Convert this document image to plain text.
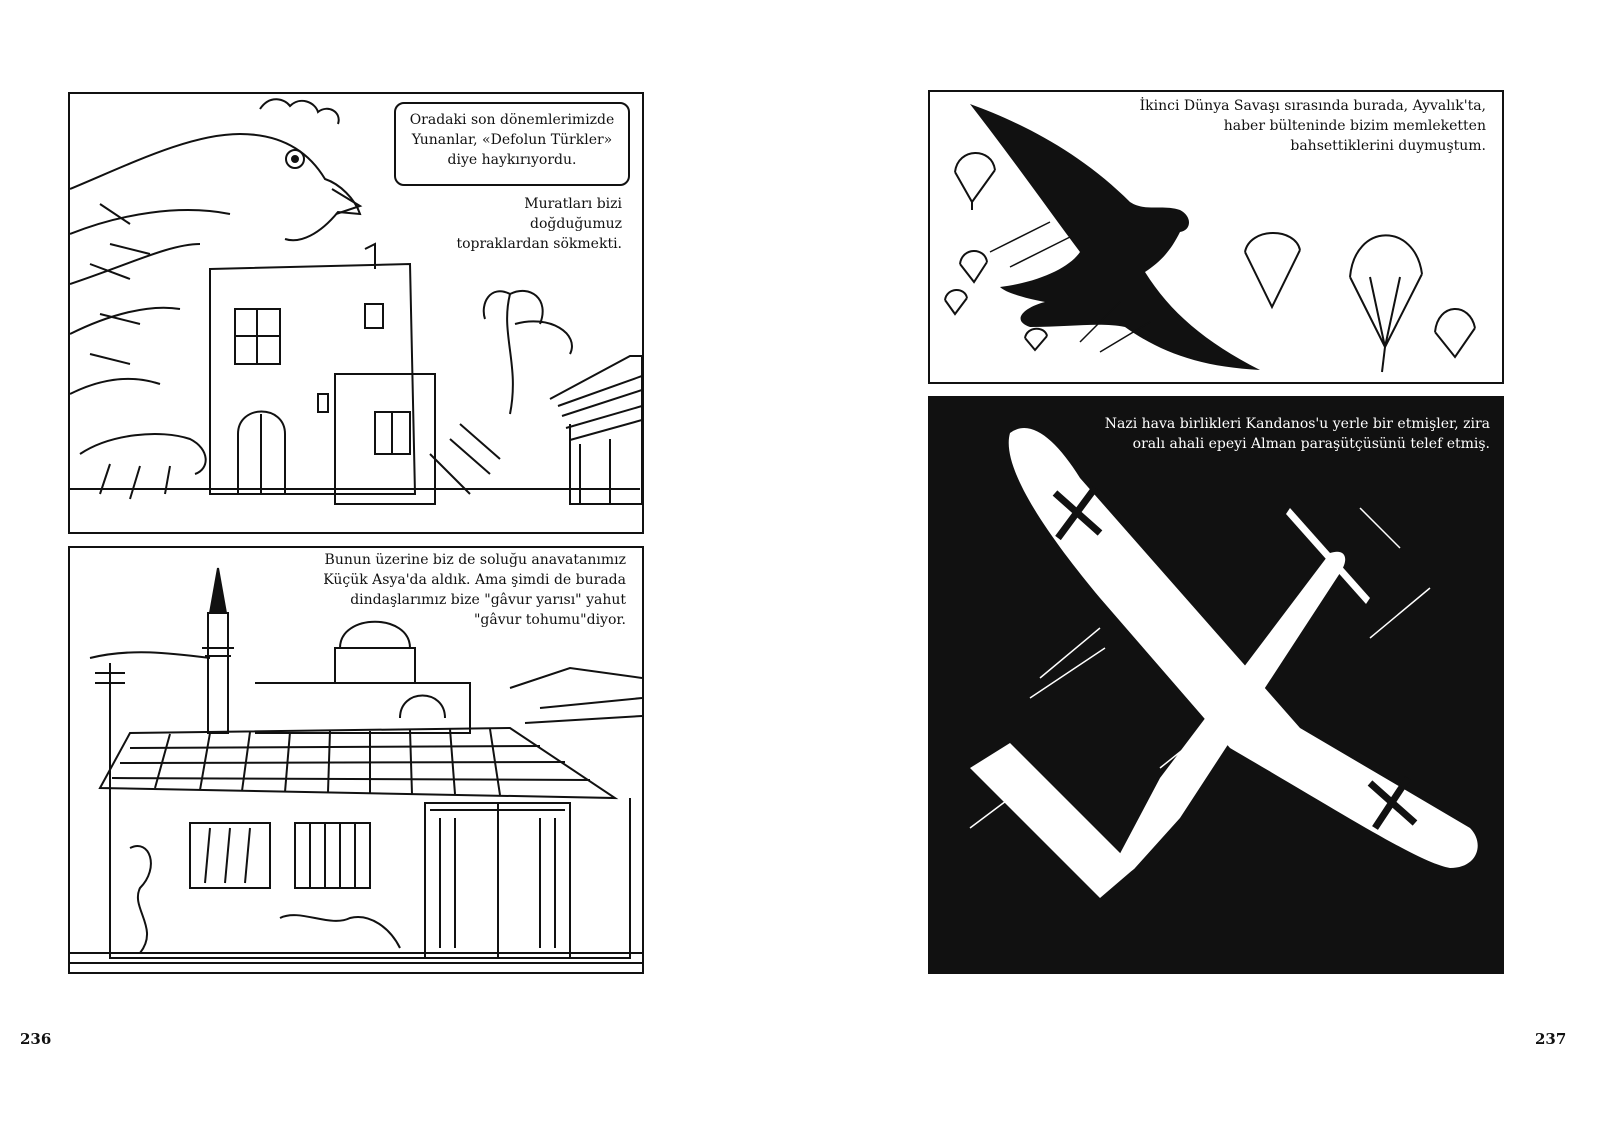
Oradaki son dönemlerimizde
Yunanlar, «Defolun Türkler»
diye haykırıyordu.
Muratları bizi
doğduğumuz
topraklardan sökmekti.
Bunun üzerine biz de soluğu anavatanımız
Küçük Asya'da aldık. Ama şimdi de burada
dindaşlarımız bize "gâvur yarısı" yahut
"gâvur tohumu"diyor.
236
İkinci Dünya Savaşı sırasında burada, Ayvalık'ta,
haber bülteninde bizim memleketten
bahsettiklerini duymuştum.
Nazi hava birlikleri Kandanos'u yerle bir etmişler, zira
oralı ahali epeyi Alman paraşütçüsünü telef etmiş.
237
